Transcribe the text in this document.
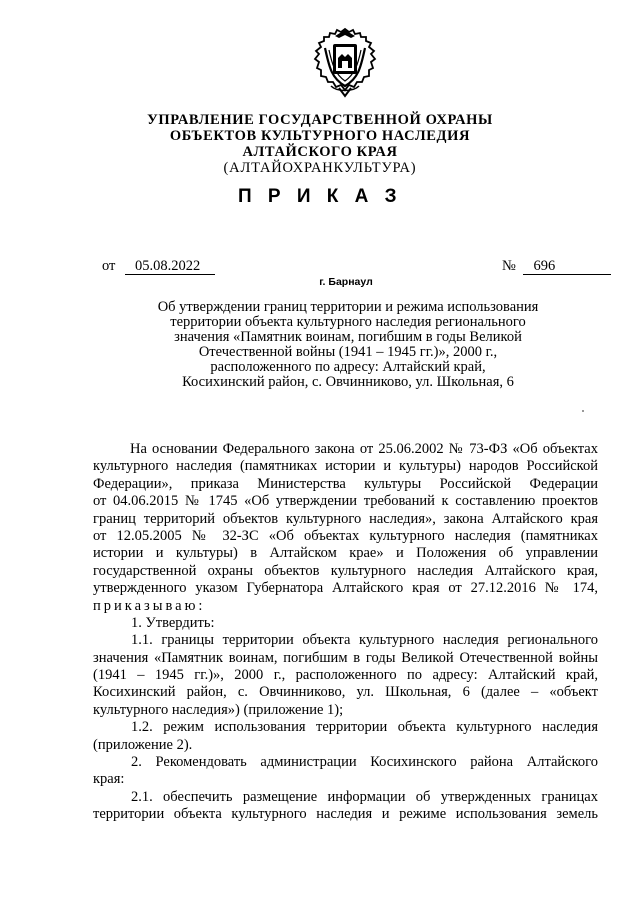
УПРАВЛЕНИЕ ГОСУДАРСТВЕННОЙ ОХРАНЫ
ОБЪЕКТОВ КУЛЬТУРНОГО НАСЛЕДИЯ
АЛТАЙСКОГО КРАЯ
(АЛТАЙОХРАНКУЛЬТУРА)
П Р И К А З
от 05.08.2022	№ 696
г. Барнаул
Об утверждении границ территории и режима использования
территории объекта культурного наследия регионального
значения «Памятник воинам, погибшим в годы Великой
Отечественной войны (1941 – 1945 гг.)», 2000 г.,
расположенного по адресу: Алтайский край,
Косихинский район, с. Овчинниково, ул. Школьная, 6
На основании Федерального закона от 25.06.2002 № 73-ФЗ «Об объектах
культурного наследия (памятниках истории и культуры) народов Российской
Федерации», приказа Министерства культуры Российской Федерации
от 04.06.2015 № 1745 «Об утверждении требований к составлению проектов
границ территорий объектов культурного наследия», закона Алтайского края
от 12.05.2005 № 32-ЗС «Об объектах культурного наследия (памятниках
истории и культуры) в Алтайском крае» и Положения об управлении
государственной охраны объектов культурного наследия Алтайского края,
утвержденного указом Губернатора Алтайского края от 27.12.2016 № 174,
приказываю:
1. Утвердить:
1.1. границы территории объекта культурного наследия регионального
значения «Памятник воинам, погибшим в годы Великой Отечественной войны
(1941 – 1945 гг.)», 2000 г., расположенного по адресу: Алтайский край,
Косихинский район, с. Овчинниково, ул. Школьная, 6 (далее – «объект
культурного наследия») (приложение 1);
1.2. режим использования территории объекта культурного наследия
(приложение 2).
2. Рекомендовать администрации Косихинского района Алтайского
края:
2.1. обеспечить размещение информации об утвержденных границах
территории объекта культурного наследия и режиме использования земель
